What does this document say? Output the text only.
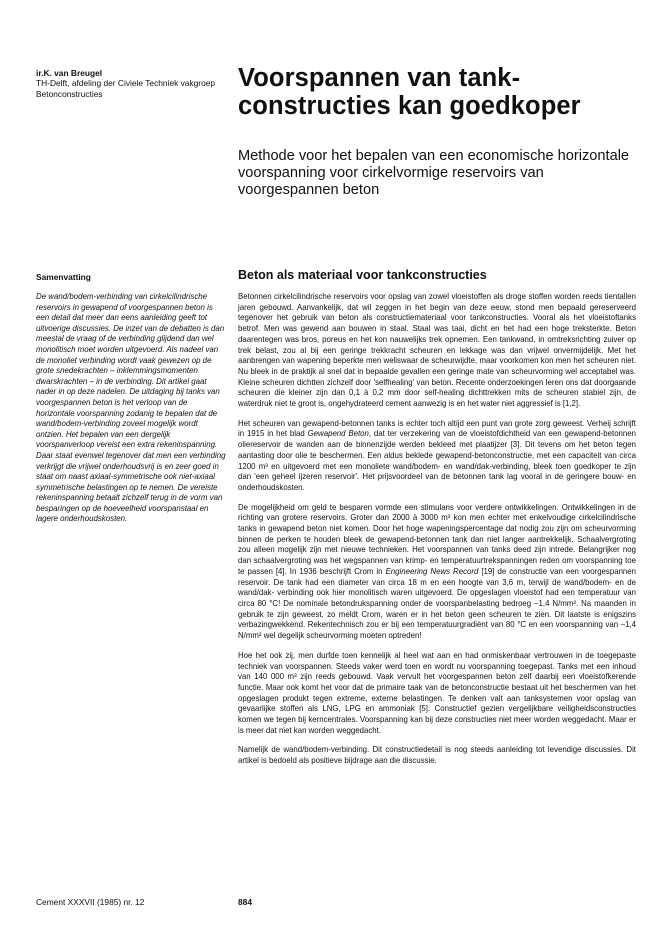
ir.K. van Breugel
TH-Delft, afdeling der Civiele Techniek vakgroep Betonconstructies
Voorspannen van tank-constructies kan goedkoper
Methode voor het bepalen van een economische horizontale voorspanning voor cirkelvormige reservoirs van voorgespannen beton
Samenvatting
De wand/bodem-verbinding van cirkelcilindrische reservoirs in gewapend of voorgespannen beton is een detail dat meer dan eens aanleiding geeft tot uitvoerige discussies. De inzet van de debatten is dan meestal de vraag of de verbinding glijdend dan wel monolitisch moet worden uitgevoerd. Als nadeel van de monoliet verbinding wordt vaak gewezen op de grote snedekrachten – inklemmingsmomenten dwarskrachten – in de verbinding. Dit artikel gaat nader in op deze nadelen. De uitdaging bij tanks van voorgespannen beton is het verloop van de horizontale voorspanning zodanig te bepalen dat de wand/bodem-verbinding zoveel mogelijk wordt ontzien. Het bepalen van een dergelijk voorspanverloop vereist een extra rekeninspanning. Daar staat evenwel tegenover dat men een verbinding verkrijgt die vrijwel onderhoudsvrij is en zeer goed in staat om naast axiaal-symmetrische ook niet-axiaal symmetrische belastingen op te nemen. De vereiste rekeninspanning betaalt zichzelf terug in de vorm van besparingen op de hoeveelheid voorspanstaal en lagere onderhoudskosten.
Beton als materiaal voor tankconstructies

Betonnen cirkelcilindrische reservoirs voor opslag van zowel vloeistoffen als droge stoffen worden reeds tientallen jaren gebouwd. Aanvankelijk, dat wil zeggen in het begin van deze eeuw, stond men bepaald gereserveerd tegenover het gebruik van beton als constructiemateriaal voor tankconstructies. Vooral als het vloeistoftanks betrof. Men was gewend aan bouwen in staal. Staal was taai, dicht en het had een hoge treksterkte. Beton daarentegen was bros, poreus en het kon nauwelijks trek opnemen. Een tankwand, in omtreksrichting zuiver op trek belast, zou al bij een geringe trekkracht scheuren en lekkage was dan vrijwel onvermijdelijk. Met het aanbrengen van wapening beperkte men weliswaar de scheurwijdte, maar voorkomen kon men het scheuren niet. Nu bleek in de praktijk al snel dat in bepaalde gevallen een geringe mate van scheurvorming wel acceptabel was. Kleine scheuren dichtten zichzelf door 'selfhealing' van beton. Recente onderzoekingen leren ons dat doorgaande scheuren die kleiner zijn dan 0,1 à 0,2 mm door self-healing dichttrekken mits de scheuren stabiel zijn, de waterdruk niet te groot is, ongehydrateerd cement aanwezig is en het water niet aggressief is [1,2].

Het scheuren van gewapend-betonnen tanks is echter toch altijd een punt van grote zorg geweest. Verheij schrijft in 1915 in het blad Gewapend Beton, dat ter verzekering van de vloeistofdichtheid van een gewapend-betonnen oliereservoir de wanden aan de binnenzijde werden bekleed met plaatijzer [3]. Dit tevens om het beton tegen aantasting door olie te beschermen. Een aldus beklede gewapend-betonconstructie, met een capaciteit van circa 1200 m³ en uitgevoerd met een monoliete wand/bodem- en wand/dak-verbinding, bleek toen goedkoper te zijn dan 'een geheel ijzeren reservoir'. Het prijsvoordeel van de betonnen tank lag vooral in de geringere bouw- en onderhoudskosten.

De mogelijkheid om geld te besparen vormde een stimulans voor verdere ontwikkelingen. Ontwikkelingen in de richting van grotere reservoirs. Groter dan 2000 à 3000 m³ kon men echter met enkelvoudige cirkelcilindrische tanks in gewapend beton niet komen. Door het hoge wapeningspercentage dat nodig zou zijn om scheurvorming binnen de perken te houden bleek de gewapend-betonnen tank dan niet langer aantrekkelijk. Schaalvergroting zou alleen mogelijk zijn met nieuwe technieken. Het voorspannen van tanks deed zijn intrede. Belangrijker nog dan schaalvergroting was het wegspannen van krimp- en temperatuurtrekspanningen reden om voorspanning toe te passen [4]. In 1936 beschrijft Crom in Engineering News Record [19] de constructie van een voorgespannen reservoir. De tank had een diameter van circa 18 m en een hoogte van 3,6 m, terwijl de wand/bodem- en de wand/dak- verbinding ook hier monolitisch waren uitgevoerd. De opgeslagen vloeistof had een temperatuur van circa 80 °C! De nominale betondrukspanning onder de voorspanbelasting bedroeg –1,4 N/mm². Na maanden in gebruik te zijn geweest, zo meldt Crom, waren er in het beton geen scheuren te zien. Dit laatste is enigszins verbazingwekkend. Rekentechnisch zou er bij een temperatuurgradiënt van 80 °C en een voorspanning van –1,4 N/mm² wel degelijk scheurvorming moeten optreden!

Hoe het ook zij, men durfde toen kennelijk al heel wat aan en had onmiskenbaar vertrouwen in de toegepaste techniek van voorspannen. Steeds vaker werd toen en wordt nu voorspanning toegepast. Tanks met een inhoud van 140 000 m³ zijn reeds gebouwd. Vaak vervult het voorgespannen beton zelf daarbij een vloeistofkerende functie. Maar ook komt het voor dat de primaire taak van de betonconstructie bestaat uit het beschermen van het opgeslagen produkt tegen extreme, externe belastingen. Te denken valt aan tanksystemen voor opslag van gevaarlijke stoffen als LNG, LPG en ammoniak [5]. Constructief gezien vergelijkbare veiligheidsconstructies komen we tegen bij kerncentrales. Voorspanning kan bij deze constructies niet meer worden weggedacht. Maar er is meer dat niet kan worden weggedacht.

Namelijk de wand/bodem-verbinding. Dit constructiedetail is nog steeds aanleiding tot levendige discussies. Dit artikel is bedoeld als positieve bijdrage aan die discussie.

Cement XXXVII (1985) nr. 12	884
